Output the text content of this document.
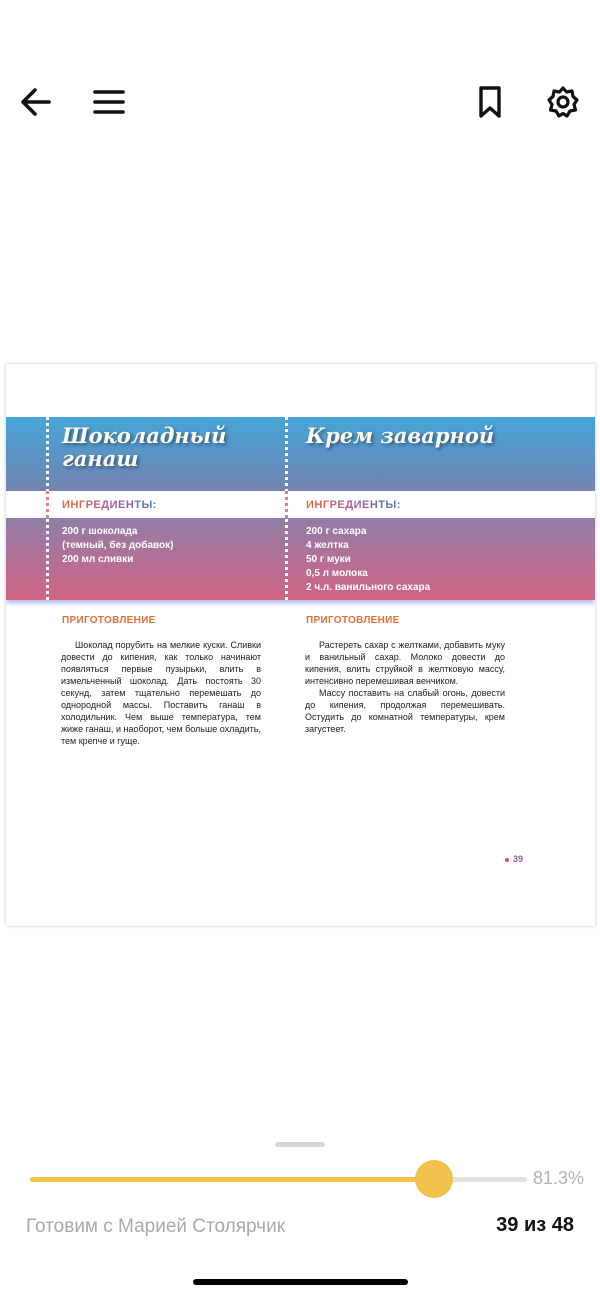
Шоколадный
ганаш
ИНГРЕДИЕНТЫ:
200 г шоколада
(темный, без добавок)
200 мл сливки
ПРИГОТОВЛЕНИЕ

Шоколад порубить на мелкие куски. Сливки довести до кипения, как только начинают появляться первые пузырьки, влить в измельченный шоколад. Дать постоять 30 секунд, затем тщательно перемешать до однородной массы. Поставить ганаш в холодильник. Чем выше температура, тем жиже ганаш, и наоборот, чем больше охладить, тем крепче и гуще.

Крем заварной
ИНГРЕДИЕНТЫ:
200 г сахара
4 желтка
50 г муки
0,5 л молока
2 ч.л. ванильного сахара
ПРИГОТОВЛЕНИЕ

Растереть сахар с желтками, добавить муку и ванильный сахар. Молоко довести до кипения, влить струйкой в желтковую массу, интенсивно перемешивая венчиком.

Массу поставить на слабый огонь, довести до кипения, продолжая перемешивать. Остудить до комнатной температуры, крем загустеет.

39
81.3%
Готовим с Марией Столярчик	39 из 48
